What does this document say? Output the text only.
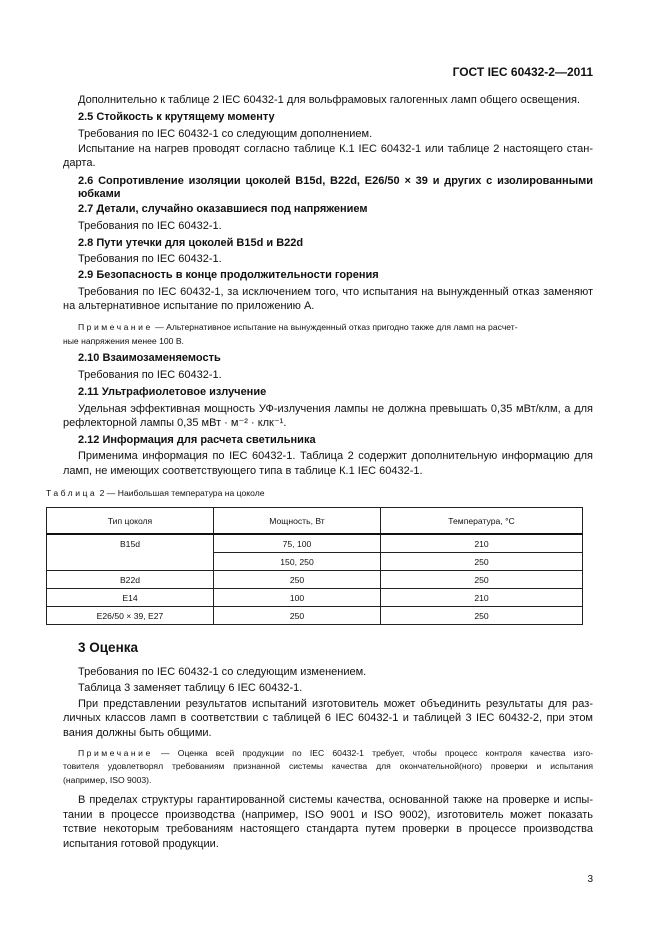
ГОСТ IEC 60432-2—2011
Дополнительно к таблице 2 IEC 60432-1 для вольфрамовых галогенных ламп общего освещения.
2.5 Стойкость к крутящему моменту
Требования по IEC 60432-1 со следующим дополнением.
Испытание на нагрев проводят согласно таблице К.1 IEC 60432-1 или таблице 2 настоящего стан-
дарта.
2.6 Сопротивление изоляции цоколей B15d, B22d, E26/50 × 39 и других с изолированными
юбками
2.7 Детали, случайно оказавшиеся под напряжением
Требования по IEC 60432-1.
2.8 Пути утечки для цоколей B15d и B22d
Требования по IEC 60432-1.
2.9 Безопасность в конце продолжительности горения
Требования по IEC 60432-1, за исключением того, что испытания на вынужденный отказ заменяют
на альтернативное испытание по приложению А.
Примечание — Альтернативное испытание на вынужденный отказ пригодно также для ламп на расчет-
ные напряжения менее 100 В.
2.10 Взаимозаменяемость
Требования по IEC 60432-1.
2.11 Ультрафиолетовое излучение
Удельная эффективная мощность УФ-излучения лампы не должна превышать 0,35 мВт/клм, а для
рефлекторной лампы 0,35 мВт · м⁻² · клк⁻¹.
2.12 Информация для расчета светильника
Применима информация по IEC 60432-1. Таблица 2 содержит дополнительную информацию для
ламп, не имеющих соответствующего типа в таблице К.1 IEC 60432-1.
Таблица 2 — Наибольшая температура на цоколе
Тип цоколя	Мощность, Вт	Температура, °C
B15d	75, 100	210
	150, 250	250
B22d	250	250
E14	100	210
E26/50 × 39, E27	250	250
3 Оценка
Требования по IEC 60432-1 со следующим изменением.
Таблица 3 заменяет таблицу 6 IEC 60432-1.
При представлении результатов испытаний изготовитель может объединить результаты для раз-
личных классов ламп в соответствии с таблицей 6 IEC 60432-1 и таблицей 3 IEC 60432-2, при этом
вания должны быть общими.
Примечание — Оценка всей продукции по IEC 60432-1 требует, чтобы процесс контроля качества изго-
товителя удовлетворял требованиям признанной системы качества для окончательной(ного) проверки и испытания
(например, ISO 9003).
В пределах структуры гарантированной системы качества, основанной также на проверке и испы-
тании в процессе производства (например, ISO 9001 и ISO 9002), изготовитель может показать
тствие некоторым требованиям настоящего стандарта путем проверки в процессе производства
испытания готовой продукции.
3
